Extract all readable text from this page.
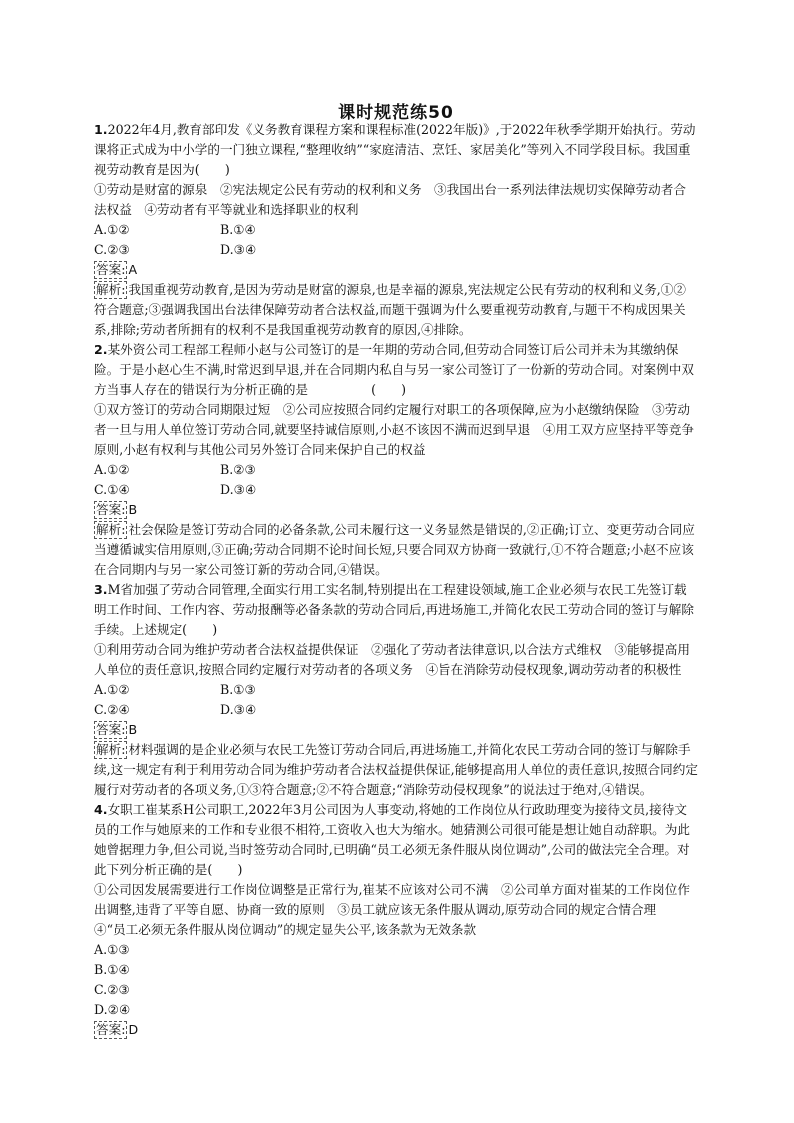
课时规范练50

1.2022年4月,教育部印发《义务教育课程方案和课程标准(2022年版)》,于2022年秋季学期开始执行。劳动课将正式成为中小学的一门独立课程,“整理收纳”“家庭清洁、烹饪、家居美化”等列入不同学段目标。我国重视劳动教育是因为(　　)

①劳动是财富的源泉　②宪法规定公民有劳动的权利和义务　③我国出台一系列法律法规切实保障劳动者合法权益　④劳动者有平等就业和选择职业的权利

A.①②	B.①④
C.②③	D.③④

答案: A

解析: 我国重视劳动教育,是因为劳动是财富的源泉,也是幸福的源泉,宪法规定公民有劳动的权利和义务,①②符合题意;③强调我国出台法律保障劳动者合法权益,而题干强调为什么要重视劳动教育,与题干不构成因果关系,排除;劳动者所拥有的权利不是我国重视劳动教育的原因,④排除。

2.某外资公司工程部工程师小赵与公司签订的是一年期的劳动合同,但劳动合同签订后公司并未为其缴纳保险。于是小赵心生不满,时常迟到早退,并在合同期内私自与另一家公司签订了一份新的劳动合同。对案例中双方当事人存在的错误行为分析正确的是　　　　　(　　)

①双方签订的劳动合同期限过短　②公司应按照合同约定履行对职工的各项保障,应为小赵缴纳保险　③劳动者一旦与用人单位签订劳动合同,就要坚持诚信原则,小赵不该因不满而迟到早退　④用工双方应坚持平等竞争原则,小赵有权利与其他公司另外签订合同来保护自己的权益

A.①②	B.②③
C.①④	D.③④

答案: B

解析: 社会保险是签订劳动合同的必备条款,公司未履行这一义务显然是错误的,②正确;订立、变更劳动合同应当遵循诚实信用原则,③正确;劳动合同期不论时间长短,只要合同双方协商一致就行,①不符合题意;小赵不应该在合同期内与另一家公司签订新的劳动合同,④错误。

3.M省加强了劳动合同管理,全面实行用工实名制,特别提出在工程建设领域,施工企业必须与农民工先签订载明工作时间、工作内容、劳动报酬等必备条款的劳动合同后,再进场施工,并简化农民工劳动合同的签订与解除手续。上述规定(　　)

①利用劳动合同为维护劳动者合法权益提供保证　②强化了劳动者法律意识,以合法方式维权　③能够提高用人单位的责任意识,按照合同约定履行对劳动者的各项义务　④旨在消除劳动侵权现象,调动劳动者的积极性

A.①②	B.①③
C.②④	D.③④

答案: B

解析: 材料强调的是企业必须与农民工先签订劳动合同后,再进场施工,并简化农民工劳动合同的签订与解除手续,这一规定有利于利用劳动合同为维护劳动者合法权益提供保证,能够提高用人单位的责任意识,按照合同约定履行对劳动者的各项义务,①③符合题意;②不符合题意;“消除劳动侵权现象”的说法过于绝对,④错误。

4.女职工崔某系H公司职工,2022年3月公司因为人事变动,将她的工作岗位从行政助理变为接待文员,接待文员的工作与她原来的工作和专业很不相符,工资收入也大为缩水。她猜测公司很可能是想让她自动辞职。为此她曾据理力争,但公司说,当时签劳动合同时,已明确“员工必须无条件服从岗位调动”,公司的做法完全合理。对此下列分析正确的是(　　)

①公司因发展需要进行工作岗位调整是正常行为,崔某不应该对公司不满　②公司单方面对崔某的工作岗位作出调整,违背了平等自愿、协商一致的原则　③员工就应该无条件服从调动,原劳动合同的规定合情合理　④“员工必须无条件服从岗位调动”的规定显失公平,该条款为无效条款

A.①③
B.①④
C.②③
D.②④

答案: D
